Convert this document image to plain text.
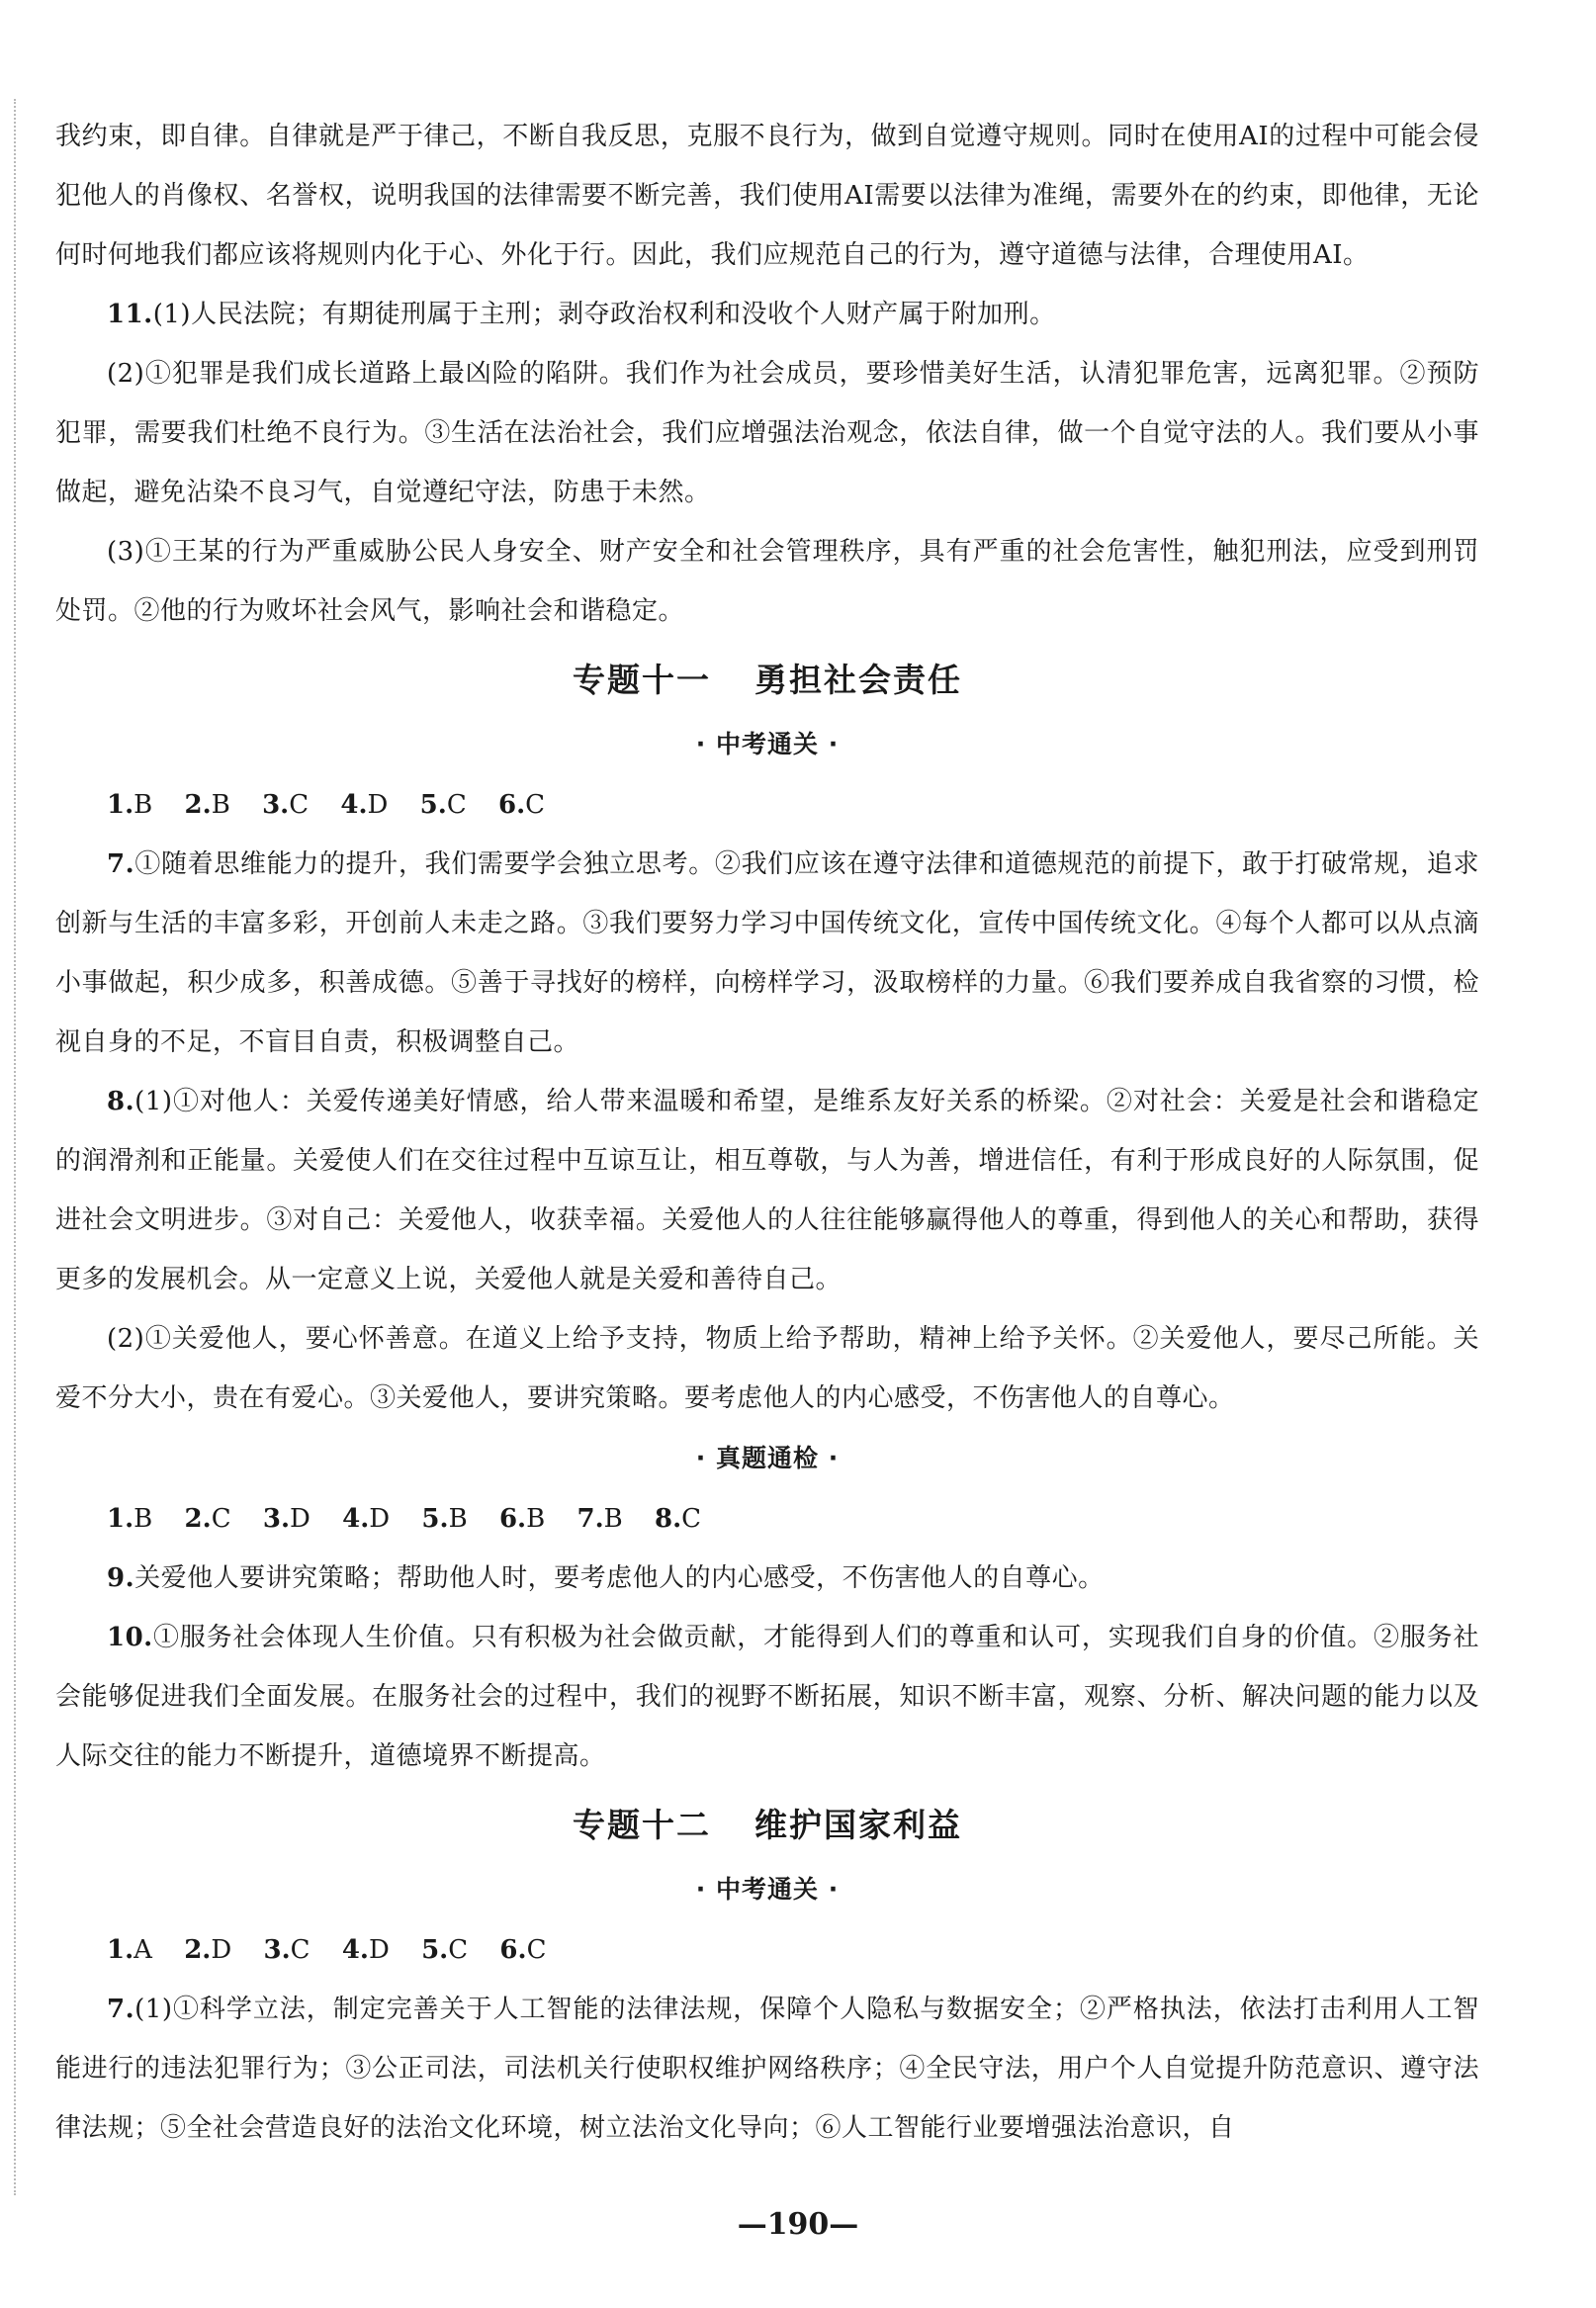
我约束，即自律。自律就是严于律己，不断自我反思，克服不良行为，做到自觉遵守规则。同时在使用AI的过程中可能会侵犯他人的肖像权、名誉权，说明我国的法律需要不断完善，我们使用AI需要以法律为准绳，需要外在的约束，即他律，无论何时何地我们都应该将规则内化于心、外化于行。因此，我们应规范自己的行为，遵守道德与法律，合理使用AI。

11.(1)人民法院；有期徒刑属于主刑；剥夺政治权利和没收个人财产属于附加刑。

(2)①犯罪是我们成长道路上最凶险的陷阱。我们作为社会成员，要珍惜美好生活，认清犯罪危害，远离犯罪。②预防犯罪，需要我们杜绝不良行为。③生活在法治社会，我们应增强法治观念，依法自律，做一个自觉守法的人。我们要从小事做起，避免沾染不良习气，自觉遵纪守法，防患于未然。

(3)①王某的行为严重威胁公民人身安全、财产安全和社会管理秩序，具有严重的社会危害性，触犯刑法，应受到刑罚处罚。②他的行为败坏社会风气，影响社会和谐稳定。

专题十一 勇担社会责任

· 中考通关 ·

1.B 2.B 3.C 4.D 5.C 6.C

7.①随着思维能力的提升，我们需要学会独立思考。②我们应该在遵守法律和道德规范的前提下，敢于打破常规，追求创新与生活的丰富多彩，开创前人未走之路。③我们要努力学习中国传统文化，宣传中国传统文化。④每个人都可以从点滴小事做起，积少成多，积善成德。⑤善于寻找好的榜样，向榜样学习，汲取榜样的力量。⑥我们要养成自我省察的习惯，检视自身的不足，不盲目自责，积极调整自己。

8.(1)①对他人：关爱传递美好情感，给人带来温暖和希望，是维系友好关系的桥梁。②对社会：关爱是社会和谐稳定的润滑剂和正能量。关爱使人们在交往过程中互谅互让，相互尊敬，与人为善，增进信任，有利于形成良好的人际氛围，促进社会文明进步。③对自己：关爱他人，收获幸福。关爱他人的人往往能够赢得他人的尊重，得到他人的关心和帮助，获得更多的发展机会。从一定意义上说，关爱他人就是关爱和善待自己。

(2)①关爱他人，要心怀善意。在道义上给予支持，物质上给予帮助，精神上给予关怀。②关爱他人，要尽己所能。关爱不分大小，贵在有爱心。③关爱他人，要讲究策略。要考虑他人的内心感受，不伤害他人的自尊心。

· 真题通检 ·

1.B 2.C 3.D 4.D 5.B 6.B 7.B 8.C

9.关爱他人要讲究策略；帮助他人时，要考虑他人的内心感受，不伤害他人的自尊心。

10.①服务社会体现人生价值。只有积极为社会做贡献，才能得到人们的尊重和认可，实现我们自身的价值。②服务社会能够促进我们全面发展。在服务社会的过程中，我们的视野不断拓展，知识不断丰富，观察、分析、解决问题的能力以及人际交往的能力不断提升，道德境界不断提高。

专题十二 维护国家利益

· 中考通关 ·

1.A 2.D 3.C 4.D 5.C 6.C

7.(1)①科学立法，制定完善关于人工智能的法律法规，保障个人隐私与数据安全；②严格执法，依法打击利用人工智能进行的违法犯罪行为；③公正司法，司法机关行使职权维护网络秩序；④全民守法，用户个人自觉提升防范意识、遵守法律法规；⑤全社会营造良好的法治文化环境，树立法治文化导向；⑥人工智能行业要增强法治意识，自

—190—
